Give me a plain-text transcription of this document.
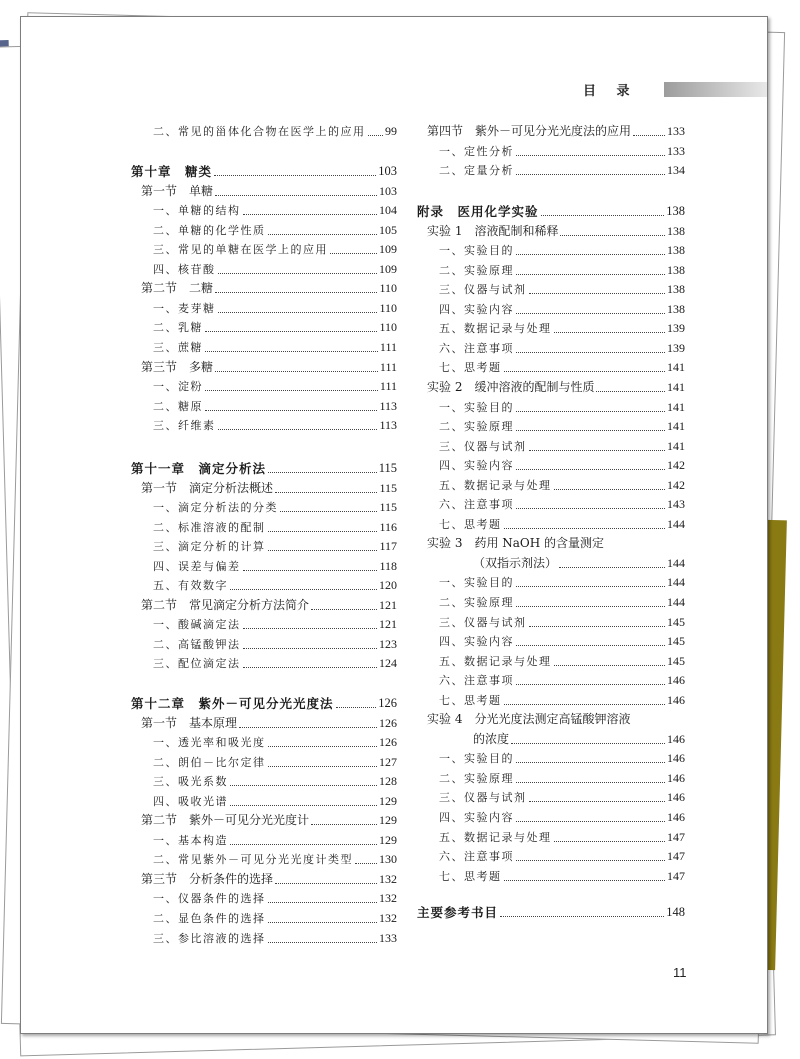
目 录
二、常见的甾体化合物在医学上的应用 99
第十章　糖类	103
第一节　单糖	103
一、单糖的结构	104
二、单糖的化学性质	105
三、常见的单糖在医学上的应用	109
四、核苷酸	109
第二节　二糖	110
一、麦芽糖	110
二、乳糖	110
三、蔗糖	111
第三节　多糖	111
一、淀粉	111
二、糖原	113
三、纤维素	113
第十一章　滴定分析法	115
第一节　滴定分析法概述	115
一、滴定分析法的分类	115
二、标准溶液的配制	116
三、滴定分析的计算	117
四、误差与偏差	118
五、有效数字	120
第二节　常见滴定分析方法简介	121
一、酸碱滴定法	121
二、高锰酸钾法	123
三、配位滴定法	124
第十二章　紫外－可见分光光度法	126
第一节　基本原理	126
一、透光率和吸光度	126
二、朗伯－比尔定律	127
三、吸光系数	128
四、吸收光谱	129
第二节　紫外－可见分光光度计	129
一、基本构造	129
二、常见紫外－可见分光光度计类型 130
第三节　分析条件的选择	132
一、仪器条件的选择	132
二、显色条件的选择	132
三、参比溶液的选择	133
第四节　紫外－可见分光光度法的应用	133
一、定性分析	133
二、定量分析	134
附录　医用化学实验	138
实验 1　溶液配制和稀释	138
一、实验目的	138
二、实验原理	138
三、仪器与试剂	138
四、实验内容	138
五、数据记录与处理	139
六、注意事项	139
七、思考题	141
实验 2　缓冲溶液的配制与性质	141
一、实验目的	141
二、实验原理	141
三、仪器与试剂	141
四、实验内容	142
五、数据记录与处理	142
六、注意事项	143
七、思考题	144
实验 3　药用 NaOH 的含量测定
（双指示剂法）	144
一、实验目的	144
二、实验原理	144
三、仪器与试剂	145
四、实验内容	145
五、数据记录与处理	145
六、注意事项	146
七、思考题	146
实验 4　分光光度法测定高锰酸钾溶液
的浓度	146
一、实验目的	146
二、实验原理	146
三、仪器与试剂	146
四、实验内容	146
五、数据记录与处理	147
六、注意事项	147
七、思考题	147
主要参考书目	148
11
